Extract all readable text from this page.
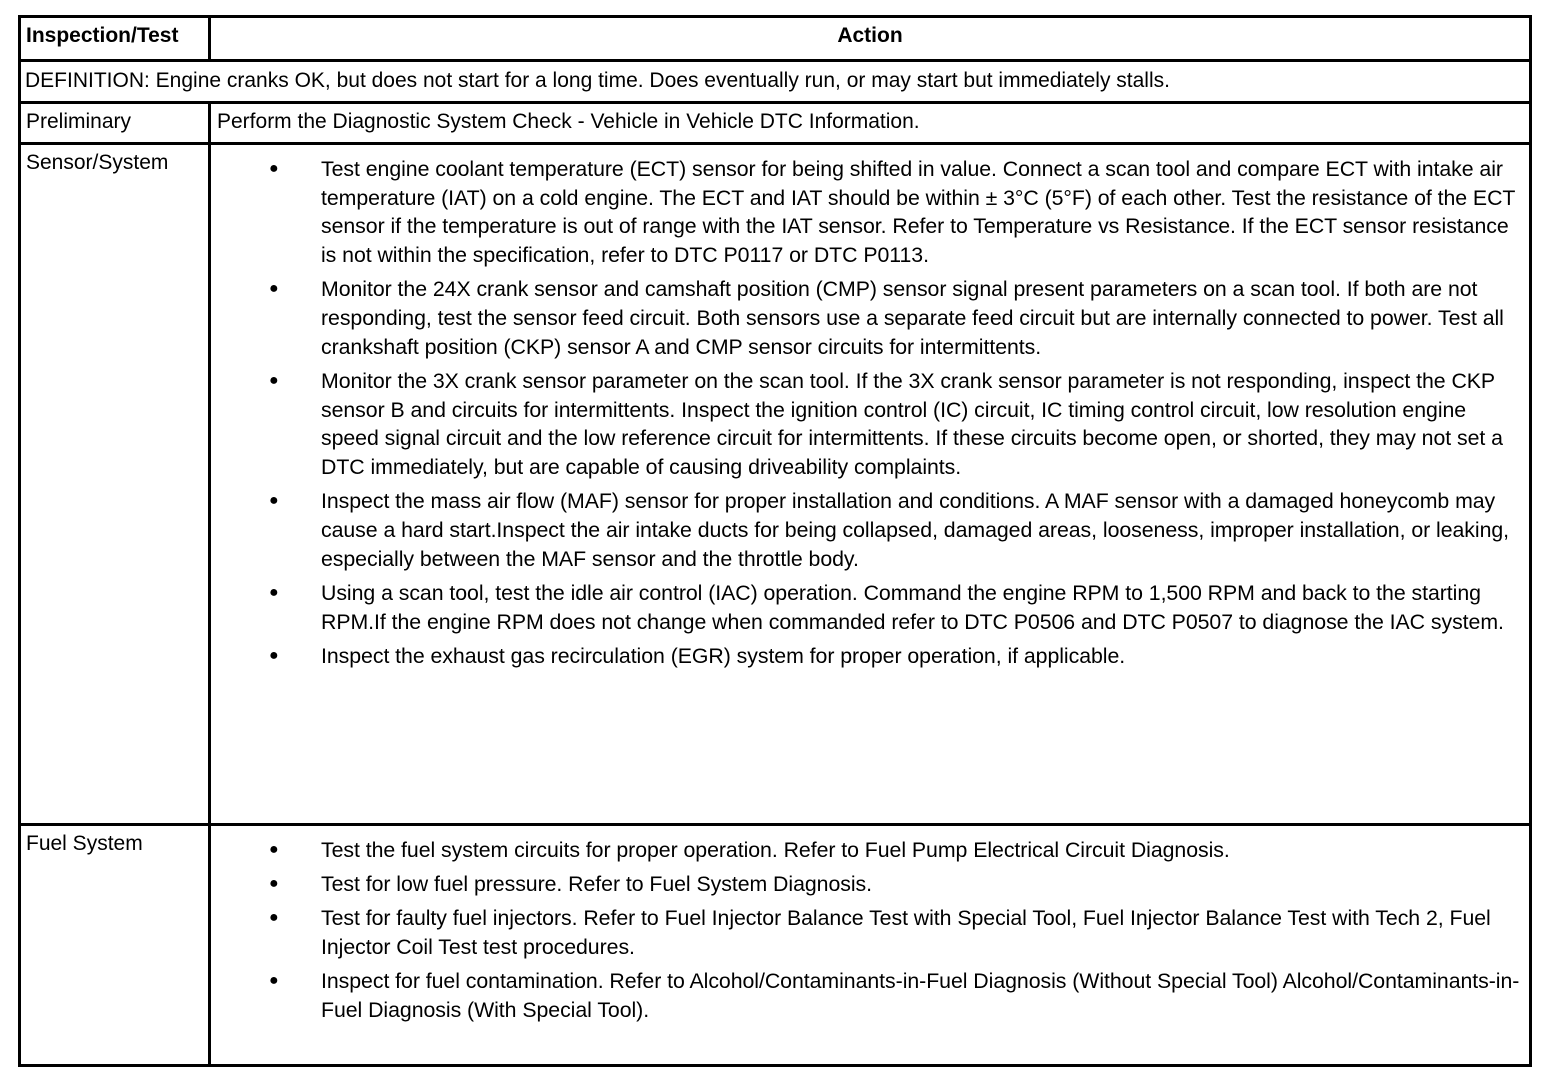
Inspection/Test	Action
DEFINITION: Engine cranks OK, but does not start for a long time. Does eventually run, or may start but immediately stalls.
Preliminary	Perform the Diagnostic System Check - Vehicle in Vehicle DTC Information.
Sensor/System	● Test engine coolant temperature (ECT) sensor for being shifted in value. Connect a scan tool and compare ECT with intake air temperature (IAT) on a cold engine. The ECT and IAT should be within ± 3°C (5°F) of each other. Test the resistance of the ECT sensor if the temperature is out of range with the IAT sensor. Refer to Temperature vs Resistance. If the ECT sensor resistance is not within the specification, refer to DTC P0117 or DTC P0113.
● Monitor the 24X crank sensor and camshaft position (CMP) sensor signal present parameters on a scan tool. If both are not responding, test the sensor feed circuit. Both sensors use a separate feed circuit but are internally connected to power. Test all crankshaft position (CKP) sensor A and CMP sensor circuits for intermittents.
● Monitor the 3X crank sensor parameter on the scan tool. If the 3X crank sensor parameter is not responding, inspect the CKP sensor B and circuits for intermittents. Inspect the ignition control (IC) circuit, IC timing control circuit, low resolution engine speed signal circuit and the low reference circuit for intermittents. If these circuits become open, or shorted, they may not set a DTC immediately, but are capable of causing driveability complaints.
● Inspect the mass air flow (MAF) sensor for proper installation and conditions. A MAF sensor with a damaged honeycomb may cause a hard start.Inspect the air intake ducts for being collapsed, damaged areas, looseness, improper installation, or leaking, especially between the MAF sensor and the throttle body.
● Using a scan tool, test the idle air control (IAC) operation. Command the engine RPM to 1,500 RPM and back to the starting RPM.If the engine RPM does not change when commanded refer to DTC P0506 and DTC P0507 to diagnose the IAC system.
● Inspect the exhaust gas recirculation (EGR) system for proper operation, if applicable.
Fuel System	● Test the fuel system circuits for proper operation. Refer to Fuel Pump Electrical Circuit Diagnosis.
● Test for low fuel pressure. Refer to Fuel System Diagnosis.
● Test for faulty fuel injectors. Refer to Fuel Injector Balance Test with Special Tool, Fuel Injector Balance Test with Tech 2, Fuel Injector Coil Test test procedures.
● Inspect for fuel contamination. Refer to Alcohol/Contaminants-in-Fuel Diagnosis (Without Special Tool) Alcohol/Contaminants-in-Fuel Diagnosis (With Special Tool).
